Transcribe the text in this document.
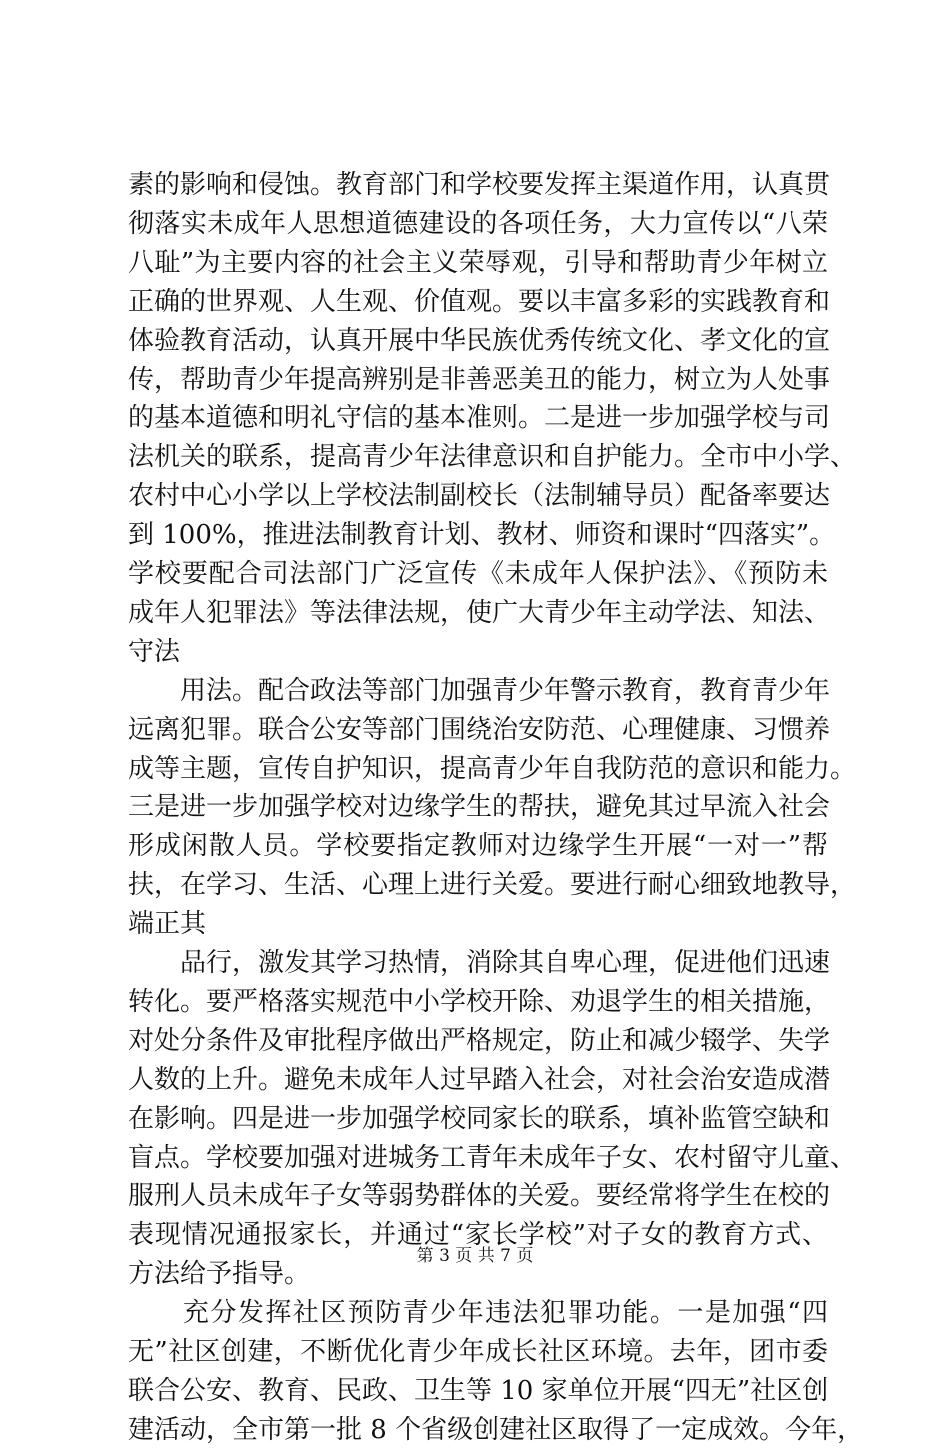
素的影响和侵蚀。教育部门和学校要发挥主渠道作用，认真贯
彻落实未成年人思想道德建设的各项任务，大力宣传以“八荣
八耻”为主要内容的社会主义荣辱观，引导和帮助青少年树立
正确的世界观、人生观、价值观。要以丰富多彩的实践教育和
体验教育活动，认真开展中华民族优秀传统文化、孝文化的宣
传，帮助青少年提高辨别是非善恶美丑的能力，树立为人处事
的基本道德和明礼守信的基本准则。二是进一步加强学校与司
法机关的联系，提高青少年法律意识和自护能力。全市中小学、
农村中心小学以上学校法制副校长（法制辅导员）配备率要达
到 100%，推进法制教育计划、教材、师资和课时“四落实”。
学校要配合司法部门广泛宣传《未成年人保护法》、《预防未
成年人犯罪法》等法律法规，使广大青少年主动学法、知法、
守法
　　用法。配合政法等部门加强青少年警示教育，教育青少年
远离犯罪。联合公安等部门围绕治安防范、心理健康、习惯养
成等主题，宣传自护知识，提高青少年自我防范的意识和能力。
三是进一步加强学校对边缘学生的帮扶，避免其过早流入社会
形成闲散人员。学校要指定教师对边缘学生开展“一对一”帮
扶，在学习、生活、心理上进行关爱。要进行耐心细致地教导，
端正其
　　品行，激发其学习热情，消除其自卑心理，促进他们迅速
转化。要严格落实规范中小学校开除、劝退学生的相关措施，
对处分条件及审批程序做出严格规定，防止和减少辍学、失学
人数的上升。避免未成年人过早踏入社会，对社会治安造成潜
在影响。四是进一步加强学校同家长的联系，填补监管空缺和
盲点。学校要加强对进城务工青年未成年子女、农村留守儿童、
服刑人员未成年子女等弱势群体的关爱。要经常将学生在校的
表现情况通报家长，并通过“家长学校”对子女的教育方式、
方法给予指导。
　　充分发挥社区预防青少年违法犯罪功能。一是加强“四
无”社区创建，不断优化青少年成长社区环境。去年，团市委
联合公安、教育、民政、卫生等 10 家单位开展“四无”社区创
建活动，全市第一批 8 个省级创建社区取得了一定成效。今年，
第 3 页 共 7 页
